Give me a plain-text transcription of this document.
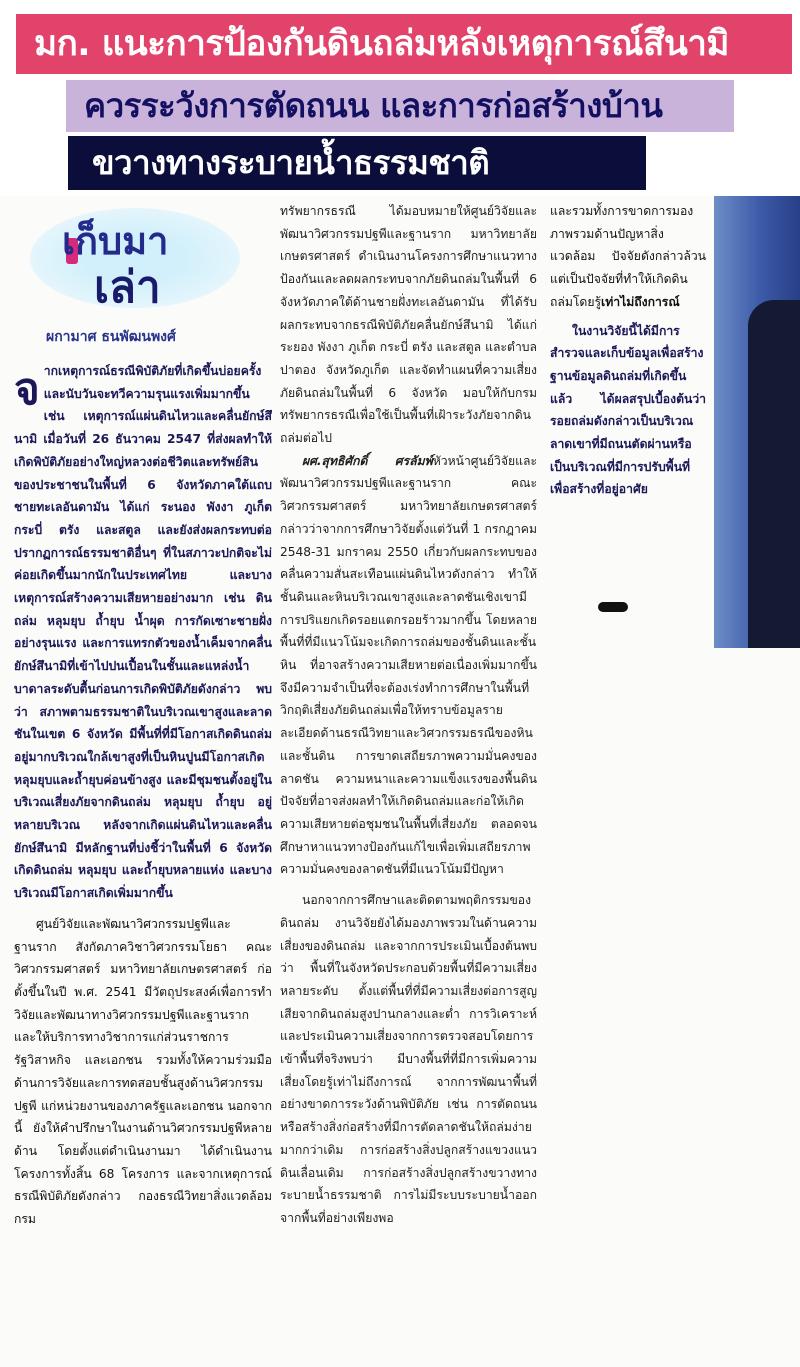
มก. แนะการป้องกันดินถล่มหลังเหตุการณ์สึนามิ
ควรระวังการตัดถนน และการก่อสร้างบ้าน
ขวางทางระบายน้ำธรรมชาติ
เก็บมา
เล่า
ผกามาศ ธนพัฒนพงศ์

จากเหตุการณ์ธรณีพิบัติภัยที่เกิดขึ้นบ่อยครั้ง และนับวันจะทวีความรุนแรงเพิ่มมากขึ้น เช่น เหตุการณ์แผ่นดินไหวและคลื่นยักษ์สึนามิ เมื่อวันที่ 26 ธันวาคม 2547 ที่ส่งผลทำให้เกิดพิบัติภัยอย่างใหญ่หลวงต่อชีวิตและทรัพย์สินของประชาชนในพื้นที่ 6 จังหวัดภาคใต้แถบชายทะเลอันดามัน ได้แก่ ระนอง พังงา ภูเก็ต กระบี่ ตรัง และสตูล และยังส่งผลกระทบต่อปรากฏการณ์ธรรมชาติอื่นๆ ที่ในสภาวะปกติจะไม่ค่อยเกิดขึ้นมากนักในประเทศไทย และบางเหตุการณ์สร้างความเสียหายอย่างมาก เช่น ดินถล่ม หลุมยุบ ถ้ำยุบ น้ำผุด การกัดเซาะชายฝั่งอย่างรุนแรง และการแทรกตัวของน้ำเค็มจากคลื่นยักษ์สึนามิที่เข้าไปปนเปื้อนในชั้นและแหล่งน้ำบาดาลระดับตื้นก่อนการเกิดพิบัติภัยดังกล่าว พบว่า สภาพตามธรรมชาติในบริเวณเขาสูงและลาดชันในเขต 6 จังหวัด มีพื้นที่ที่มีโอกาสเกิดดินถล่มอยู่มากบริเวณใกล้เขาสูงที่เป็นหินปูนมีโอกาสเกิดหลุมยุบและถ้ำยุบค่อนข้างสูง และมีชุมชนตั้งอยู่ในบริเวณเสี่ยงภัยจากดินถล่ม หลุมยุบ ถ้ำยุบ อยู่หลายบริเวณ หลังจากเกิดแผ่นดินไหวและคลื่นยักษ์สึนามิ มีหลักฐานที่บ่งชี้ว่าในพื้นที่ 6 จังหวัด เกิดดินถล่ม หลุมยุบ และถ้ำยุบหลายแห่ง และบางบริเวณมีโอกาสเกิดเพิ่มมากขึ้น

ศูนย์วิจัยและพัฒนาวิศวกรรมปฐพีและฐานราก สังกัดภาควิชาวิศวกรรมโยธา คณะวิศวกรรมศาสตร์ มหาวิทยาลัยเกษตรศาสตร์ ก่อตั้งขึ้นในปี พ.ศ. 2541 มีวัตถุประสงค์เพื่อการทำวิจัยและพัฒนาทางวิศวกรรมปฐพีและฐานราก และให้บริการทางวิชาการแก่ส่วนราชการ รัฐวิสาหกิจ และเอกชน รวมทั้งให้ความร่วมมือด้านการวิจัยและการทดสอบชั้นสูงด้านวิศวกรรมปฐพี แก่หน่วยงานของภาครัฐและเอกชน นอกจากนี้ ยังให้คำปรึกษาในงานด้านวิศวกรรมปฐพีหลายด้าน โดยตั้งแต่ดำเนินงานมา ได้ดำเนินงานโครงการทั้งสิ้น 68 โครงการ และจากเหตุการณ์ธรณีพิบัติภัยดังกล่าว กองธรณีวิทยาสิ่งแวดล้อม กรม

ทรัพยากรธรณี ได้มอบหมายให้ศูนย์วิจัยและพัฒนาวิศวกรรมปฐพีและฐานราก มหาวิทยาลัยเกษตรศาสตร์ ดำเนินงานโครงการศึกษาแนวทางป้องกันและลดผลกระทบจากภัยดินถล่มในพื้นที่ 6 จังหวัดภาคใต้ด้านชายฝั่งทะเลอันดามัน ที่ได้รับผลกระทบจากธรณีพิบัติภัยคลื่นยักษ์สึนามิ ได้แก่ ระยอง พังงา ภูเก็ต กระบี่ ตรัง และสตูล และตำบลปาตอง จังหวัดภูเก็ต และจัดทำแผนที่ความเสี่ยงภัยดินถล่มในพื้นที่ 6 จังหวัด มอบให้กับกรมทรัพยากรธรณีเพื่อใช้เป็นพื้นที่เฝ้าระวังภัยจากดินถล่มต่อไป

ผศ.สุทธิศักดิ์ ศรลัมพ์หัวหน้าศูนย์วิจัยและพัฒนาวิศวกรรมปฐพีและฐานราก คณะวิศวกรรมศาสตร์ มหาวิทยาลัยเกษตรศาสตร์ กล่าวว่าจากการศึกษาวิจัยตั้งแต่วันที่ 1 กรกฎาคม 2548-31 มกราคม 2550 เกี่ยวกับผลกระทบของคลื่นความสั่นสะเทือนแผ่นดินไหวดังกล่าว ทำให้ชั้นดินและหินบริเวณเขาสูงและลาดชันเชิงเขามีการปริแยกเกิดรอยแตกรอยร้าวมากขึ้น โดยหลายพื้นที่ที่มีแนวโน้มจะเกิดการถล่มของชั้นดินและชั้นหิน ที่อาจสร้างความเสียหายต่อเนื่องเพิ่มมากขึ้น จึงมีความจำเป็นที่จะต้องเร่งทำการศึกษาในพื้นที่วิกฤติเสี่ยงภัยดินถล่มเพื่อให้ทราบข้อมูลรายละเอียดด้านธรณีวิทยาและวิศวกรรมธรณีของหินและชั้นดิน การขาดเสถียรภาพความมั่นคงของลาดชัน ความหนาและความแข็งแรงของพื้นดิน ปัจจัยที่อาจส่งผลทำให้เกิดดินถล่มและก่อให้เกิดความเสียหายต่อชุมชนในพื้นที่เสี่ยงภัย ตลอดจนศึกษาหาแนวทางป้องกันแก้ไขเพื่อเพิ่มเสถียรภาพความมั่นคงของลาดชันที่มีแนวโน้มมีปัญหา

นอกจากการศึกษาและติดตามพฤติกรรมของดินถล่ม งานวิจัยยังได้มองภาพรวมในด้านความเสี่ยงของดินถล่ม และจากการประเมินเบื้องต้นพบว่า พื้นที่ในจังหวัดประกอบด้วยพื้นที่มีความเสี่ยงหลายระดับ ตั้งแต่พื้นที่ที่มีความเสี่ยงต่อการสูญเสียจากดินถล่มสูงปานกลางและต่ำ การวิเคราะห์และประเมินความเสี่ยงจากการตรวจสอบโดยการเข้าพื้นที่จริงพบว่า มีบางพื้นที่ที่มีการเพิ่มความเสี่ยงโดยรู้เท่าไม่ถึงการณ์ จากการพัฒนาพื้นที่อย่างขาดการระวังด้านพิบัติภัย เช่น การตัดถนน หรือสร้างสิ่งก่อสร้างที่มีการตัดลาดชันให้ถล่มง่ายมากกว่าเดิม การก่อสร้างสิ่งปลูกสร้างแขวงแนวดินเลื่อนเดิม การก่อสร้างสิ่งปลูกสร้างขวางทางระบายน้ำธรรมชาติ การไม่มีระบบระบายน้ำออกจากพื้นที่อย่างเพียงพอ

และรวมทั้งการขาดการมองภาพรวมด้านปัญหาสิ่งแวดล้อม ปัจจัยดังกล่าวล้วนแต่เป็นปัจจัยที่ทำให้เกิดดินถล่มโดยรู้เท่าไม่ถึงการณ์

ในงานวิจัยนี้ได้มีการสำรวจและเก็บข้อมูลเพื่อสร้างฐานข้อมูลดินถล่มที่เกิดขึ้นแล้ว ได้ผลสรุปเบื้องต้นว่า รอยถล่มดังกล่าวเป็นบริเวณลาดเขาที่มีถนนตัดผ่านหรือเป็นบริเวณที่มีการปรับพื้นที่เพื่อสร้างที่อยู่อาศัย
